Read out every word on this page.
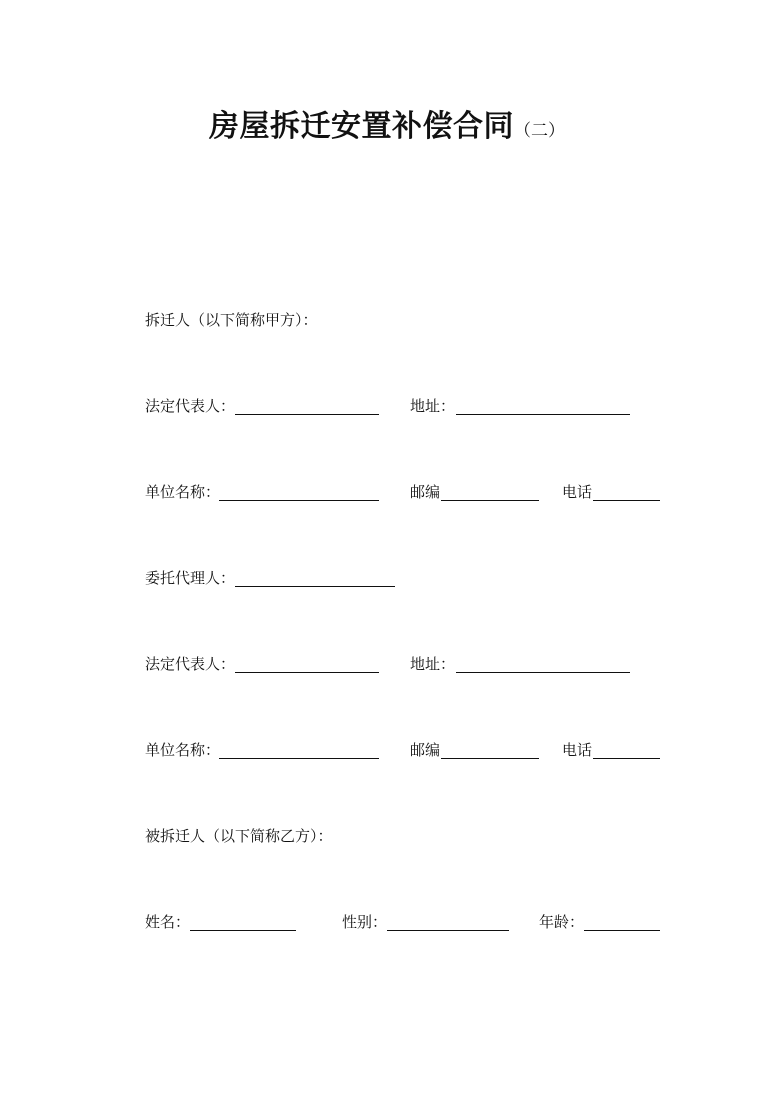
房屋拆迁安置补偿合同（二）
拆迁人（以下简称甲方）：
法定代表人：	地址：
单位名称：	邮编	电话
委托代理人：
法定代表人：	地址：
单位名称：	邮编	电话
被拆迁人（以下简称乙方）：
姓名：	性别：	年龄：
